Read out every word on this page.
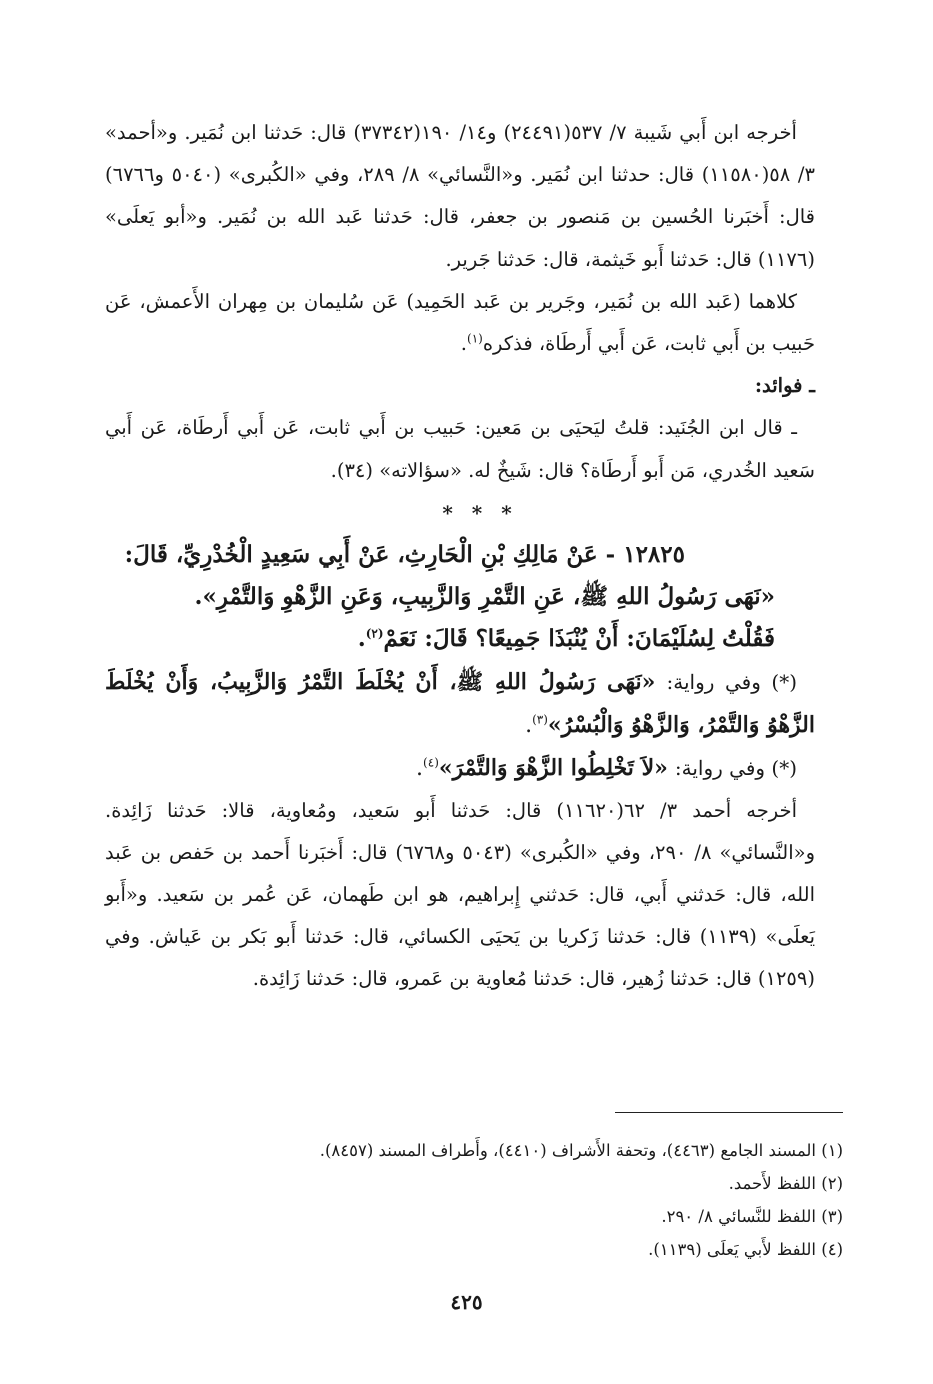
أخرجه ابن أَبي شَيبة ٧/ ٥٣٧(٢٤٤٩١) و١٤/ ١٩٠(٣٧٣٤٢) قال: حَدثنا ابن نُمَير. و«أحمد» ٣/ ٥٨(١١٥٨٠) قال: حدثنا ابن نُمَير. و«النَّسائي» ٨/ ٢٨٩، وفي «الكُبرى» (٥٠٤٠ و٦٧٦٦) قال: أَخبَرنا الحُسين بن مَنصور بن جعفر، قال: حَدثنا عَبد الله بن نُمَير. و«أبو يَعلَى» (١١٧٦) قال: حَدثنا أَبو خَيثمة، قال: حَدثنا جَرير.

كلاهما (عَبد الله بن نُمَير، وجَرير بن عَبد الحَمِيد) عَن سُليمان بن مِهران الأَعمش، عَن حَبيب بن أَبي ثابت، عَن أَبي أَرطَاة، فذكره$^{(١)}$.

ـ فوائد:

ـ قال ابن الجُنَيد: قلتُ ليَحيَى بن مَعين: حَبيب بن أَبي ثابت، عَن أَبي أَرطَاة، عَن أَبي سَعيد الخُدري، مَن أَبو أَرطَاة؟ قال: شَيخٌ له. «سؤالاته» (٣٤).

* * *

١٢٨٢٥ - عَنْ مَالِكِ بْنِ الْحَارِثِ، عَنْ أَبِي سَعِيدٍ الْخُدْرِيِّ، قَالَ:

«نَهَى رَسُولُ اللهِ ﷺ، عَنِ التَّمْرِ وَالزَّبِيبِ، وَعَنِ الزَّهْوِ وَالتَّمْرِ».

فَقُلْتُ لِسُلَيْمَانَ: أَنْ يُنْبَذَا جَمِيعًا؟ قَالَ: نَعَمْ$^{(٢)}$.

(*) وفي رواية: «نَهَى رَسُولُ اللهِ ﷺ، أَنْ يُخْلَطَ التَّمْرُ وَالزَّبِيبُ، وَأَنْ يُخْلَطَ الزَّهْوُ وَالتَّمْرُ، وَالزَّهْوُ وَالْبُسْرُ»$^{(٣)}$.

(*) وفي رواية: «لاَ تَخْلِطُوا الزَّهْوَ وَالتَّمْرَ»$^{(٤)}$.

أخرجه أحمد ٣/ ٦٢(١١٦٢٠) قال: حَدثنا أَبو سَعيد، ومُعاوية، قالا: حَدثنا زَائِدة. و«النَّسائي» ٨/ ٢٩٠، وفي «الكُبرى» (٥٠٤٣ و٦٧٦٨) قال: أَخبَرنا أَحمد بن حَفص بن عَبد الله، قال: حَدثني أَبي، قال: حَدثني إِبراهيم، هو ابن طَهمان، عَن عُمر بن سَعيد. و«أَبو يَعلَى» (١١٣٩) قال: حَدثنا زَكريا بن يَحيَى الكسائي، قال: حَدثنا أَبو بَكر بن عَياش. وفي (١٢٥٩) قال: حَدثنا زُهير، قال: حَدثنا مُعاوية بن عَمرو، قال: حَدثنا زَائِدة.

(١) المسند الجامع (٤٤٦٣)، وتحفة الأَشراف (٤٤١٠)، وأَطراف المسند (٨٤٥٧).

(٢) اللفظ لأَحمد.

(٣) اللفظ للنَّسائي ٨/ ٢٩٠.

(٤) اللفظ لأَبي يَعلَى (١١٣٩).

٤٢٥
